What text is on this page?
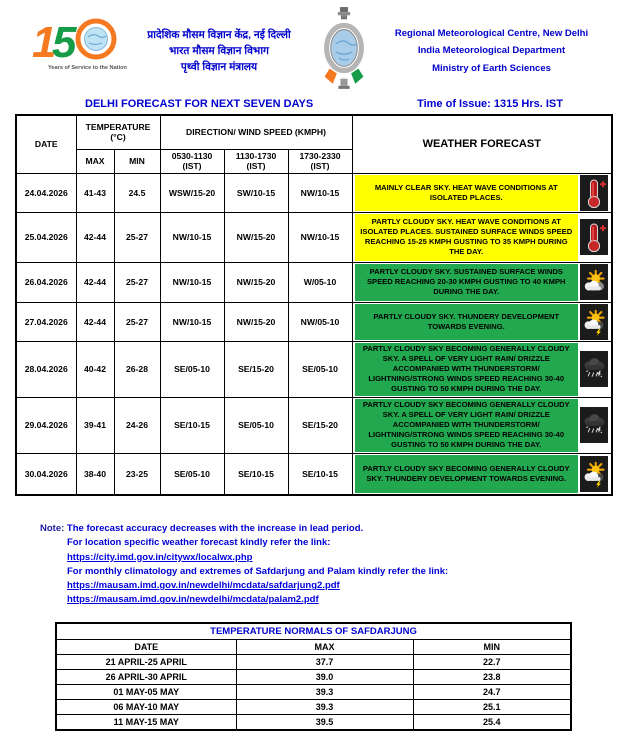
1
5
Years of Service to the Nation
प्रादेशिक मौसम विज्ञान केंद्र, नई दिल्ली
भारत मौसम विज्ञान विभाग
पृथ्वी विज्ञान मंत्रालय
Regional Meteorological Centre, New Delhi
India Meteorological Department
Ministry of Earth Sciences
DELHI FORECAST FOR NEXT SEVEN DAYS	Time of Issue: 1315 Hrs. IST
DATE	TEMPERATURE (°C)		DIRECTION/ WIND SPEED (KMPH)			WEATHER FORECAST
	MAX	MIN	0530-1130 (IST)	1130-1730 (IST)	1730-2330 (IST)	
24.04.2026	41-43	24.5	WSW/15-20	SW/10-15	NW/10-15	MAINLY CLEAR SKY. HEAT WAVE CONDITIONS AT ISOLATED PLACES.

25.04.2026	42-44	25-27	NW/10-15	NW/15-20	NW/10-15	PARTLY CLOUDY SKY. HEAT WAVE CONDITIONS AT ISOLATED PLACES. SUSTAINED SURFACE WINDS SPEED REACHING 15-25 KMPH GUSTING TO 35 KMPH DURING THE DAY.

26.04.2026	42-44	25-27	NW/10-15	NW/15-20	W/05-10	PARTLY CLOUDY SKY. SUSTAINED SURFACE WINDS SPEED REACHING 20-30 KMPH GUSTING TO 40 KMPH DURING THE DAY.

27.04.2026	42-44	25-27	NW/10-15	NW/15-20	NW/05-10	PARTLY CLOUDY SKY. THUNDERY DEVELOPMENT TOWARDS EVENING.

28.04.2026	40-42	26-28	SE/05-10	SE/15-20	SE/05-10	PARTLY CLOUDY SKY BECOMING GENERALLY CLOUDY SKY. A SPELL OF VERY LIGHT RAIN/ DRIZZLE ACCOMPANIED WITH THUNDERSTORM/ LIGHTNING/STRONG WINDS SPEED REACHING 30-40 GUSTING TO 50 KMPH DURING THE DAY.

29.04.2026	39-41	24-26	SE/10-15	SE/05-10	SE/15-20	PARTLY CLOUDY SKY BECOMING GENERALLY CLOUDY SKY. A SPELL OF VERY LIGHT RAIN/ DRIZZLE ACCOMPANIED WITH THUNDERSTORM/ LIGHTNING/STRONG WINDS SPEED REACHING 30-40 GUSTING TO 50 KMPH DURING THE DAY.

30.04.2026	38-40	23-25	SE/05-10	SE/10-15	SE/10-15	PARTLY CLOUDY SKY BECOMING GENERALLY CLOUDY SKY. THUNDERY DEVELOPMENT TOWARDS EVENING.
Note: The forecast accuracy decreases with the increase in lead period.
For location specific weather forecast kindly refer the link:
https://city.imd.gov.in/citywx/localwx.php
For monthly climatology and extremes of Safdarjung and Palam kindly refer the link:
https://mausam.imd.gov.in/newdelhi/mcdata/safdarjung2.pdf
https://mausam.imd.gov.in/newdelhi/mcdata/palam2.pdf
TEMPERATURE NORMALS OF SAFDARJUNG		
DATE	MAX	MIN
21 APRIL-25 APRIL	37.7	22.7
26 APRIL-30 APRIL	39.0	23.8
01 MAY-05 MAY	39.3	24.7
06 MAY-10 MAY	39.3	25.1
11 MAY-15 MAY	39.5	25.4
